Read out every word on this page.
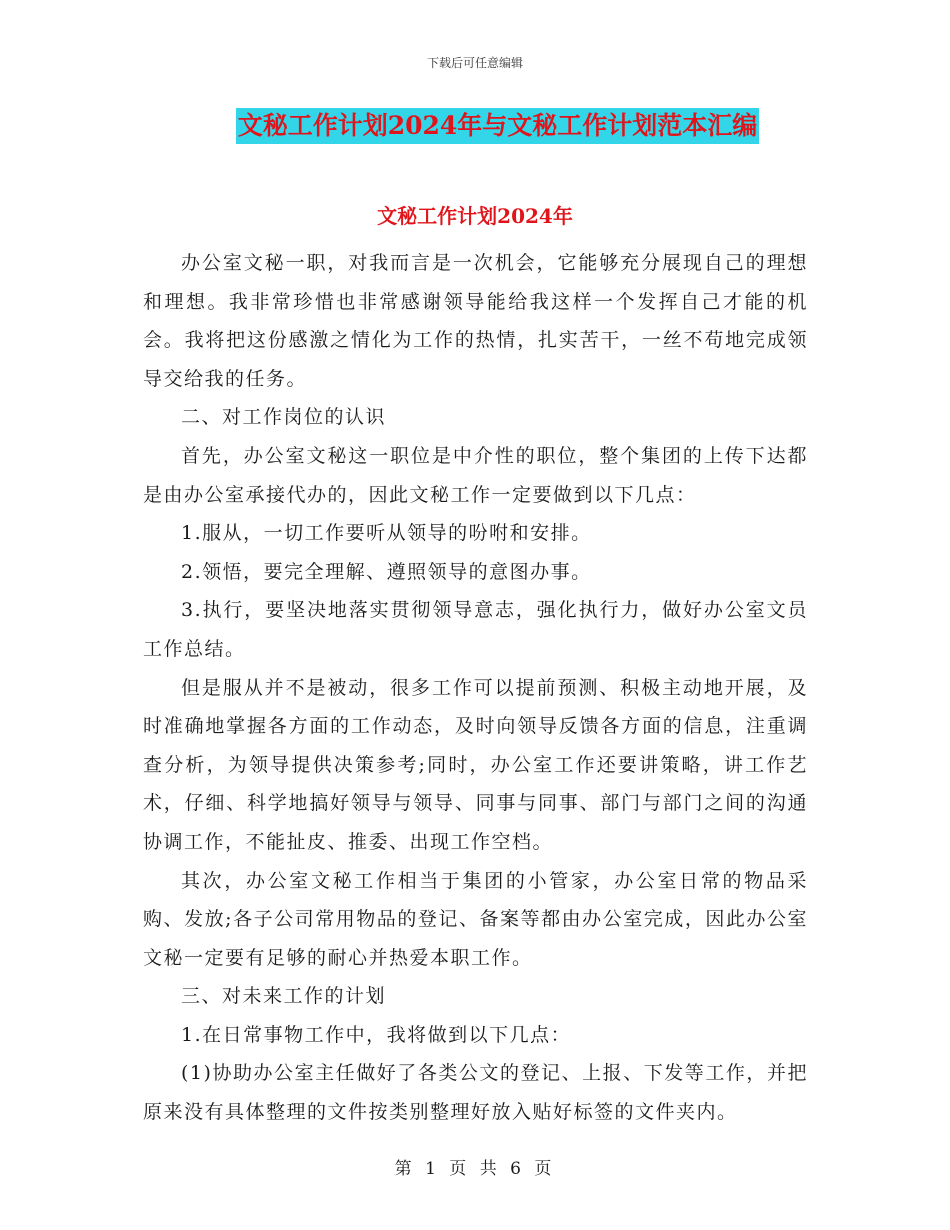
下载后可任意编辑
文秘工作计划2024年与文秘工作计划范本汇编
文秘工作计划2024年

办公室文秘一职，对我而言是一次机会，它能够充分展现自己的理想和理想。我非常珍惜也非常感谢领导能给我这样一个发挥自己才能的机会。我将把这份感激之情化为工作的热情，扎实苦干，一丝不苟地完成领导交给我的任务。

二、对工作岗位的认识

首先，办公室文秘这一职位是中介性的职位，整个集团的上传下达都是由办公室承接代办的，因此文秘工作一定要做到以下几点：

1.服从，一切工作要听从领导的吩咐和安排。

2.领悟，要完全理解、遵照领导的意图办事。

3.执行，要坚决地落实贯彻领导意志，强化执行力，做好办公室文员工作总结。

但是服从并不是被动，很多工作可以提前预测、积极主动地开展，及时准确地掌握各方面的工作动态，及时向领导反馈各方面的信息，注重调查分析，为领导提供决策参考;同时，办公室工作还要讲策略，讲工作艺术，仔细、科学地搞好领导与领导、同事与同事、部门与部门之间的沟通协调工作，不能扯皮、推委、出现工作空档。

其次，办公室文秘工作相当于集团的小管家，办公室日常的物品采购、发放;各子公司常用物品的登记、备案等都由办公室完成，因此办公室文秘一定要有足够的耐心并热爱本职工作。

三、对未来工作的计划

1.在日常事物工作中，我将做到以下几点：

(1)协助办公室主任做好了各类公文的登记、上报、下发等工作，并把原来没有具体整理的文件按类别整理好放入贴好标签的文件夹内。

第 1 页 共 6 页
